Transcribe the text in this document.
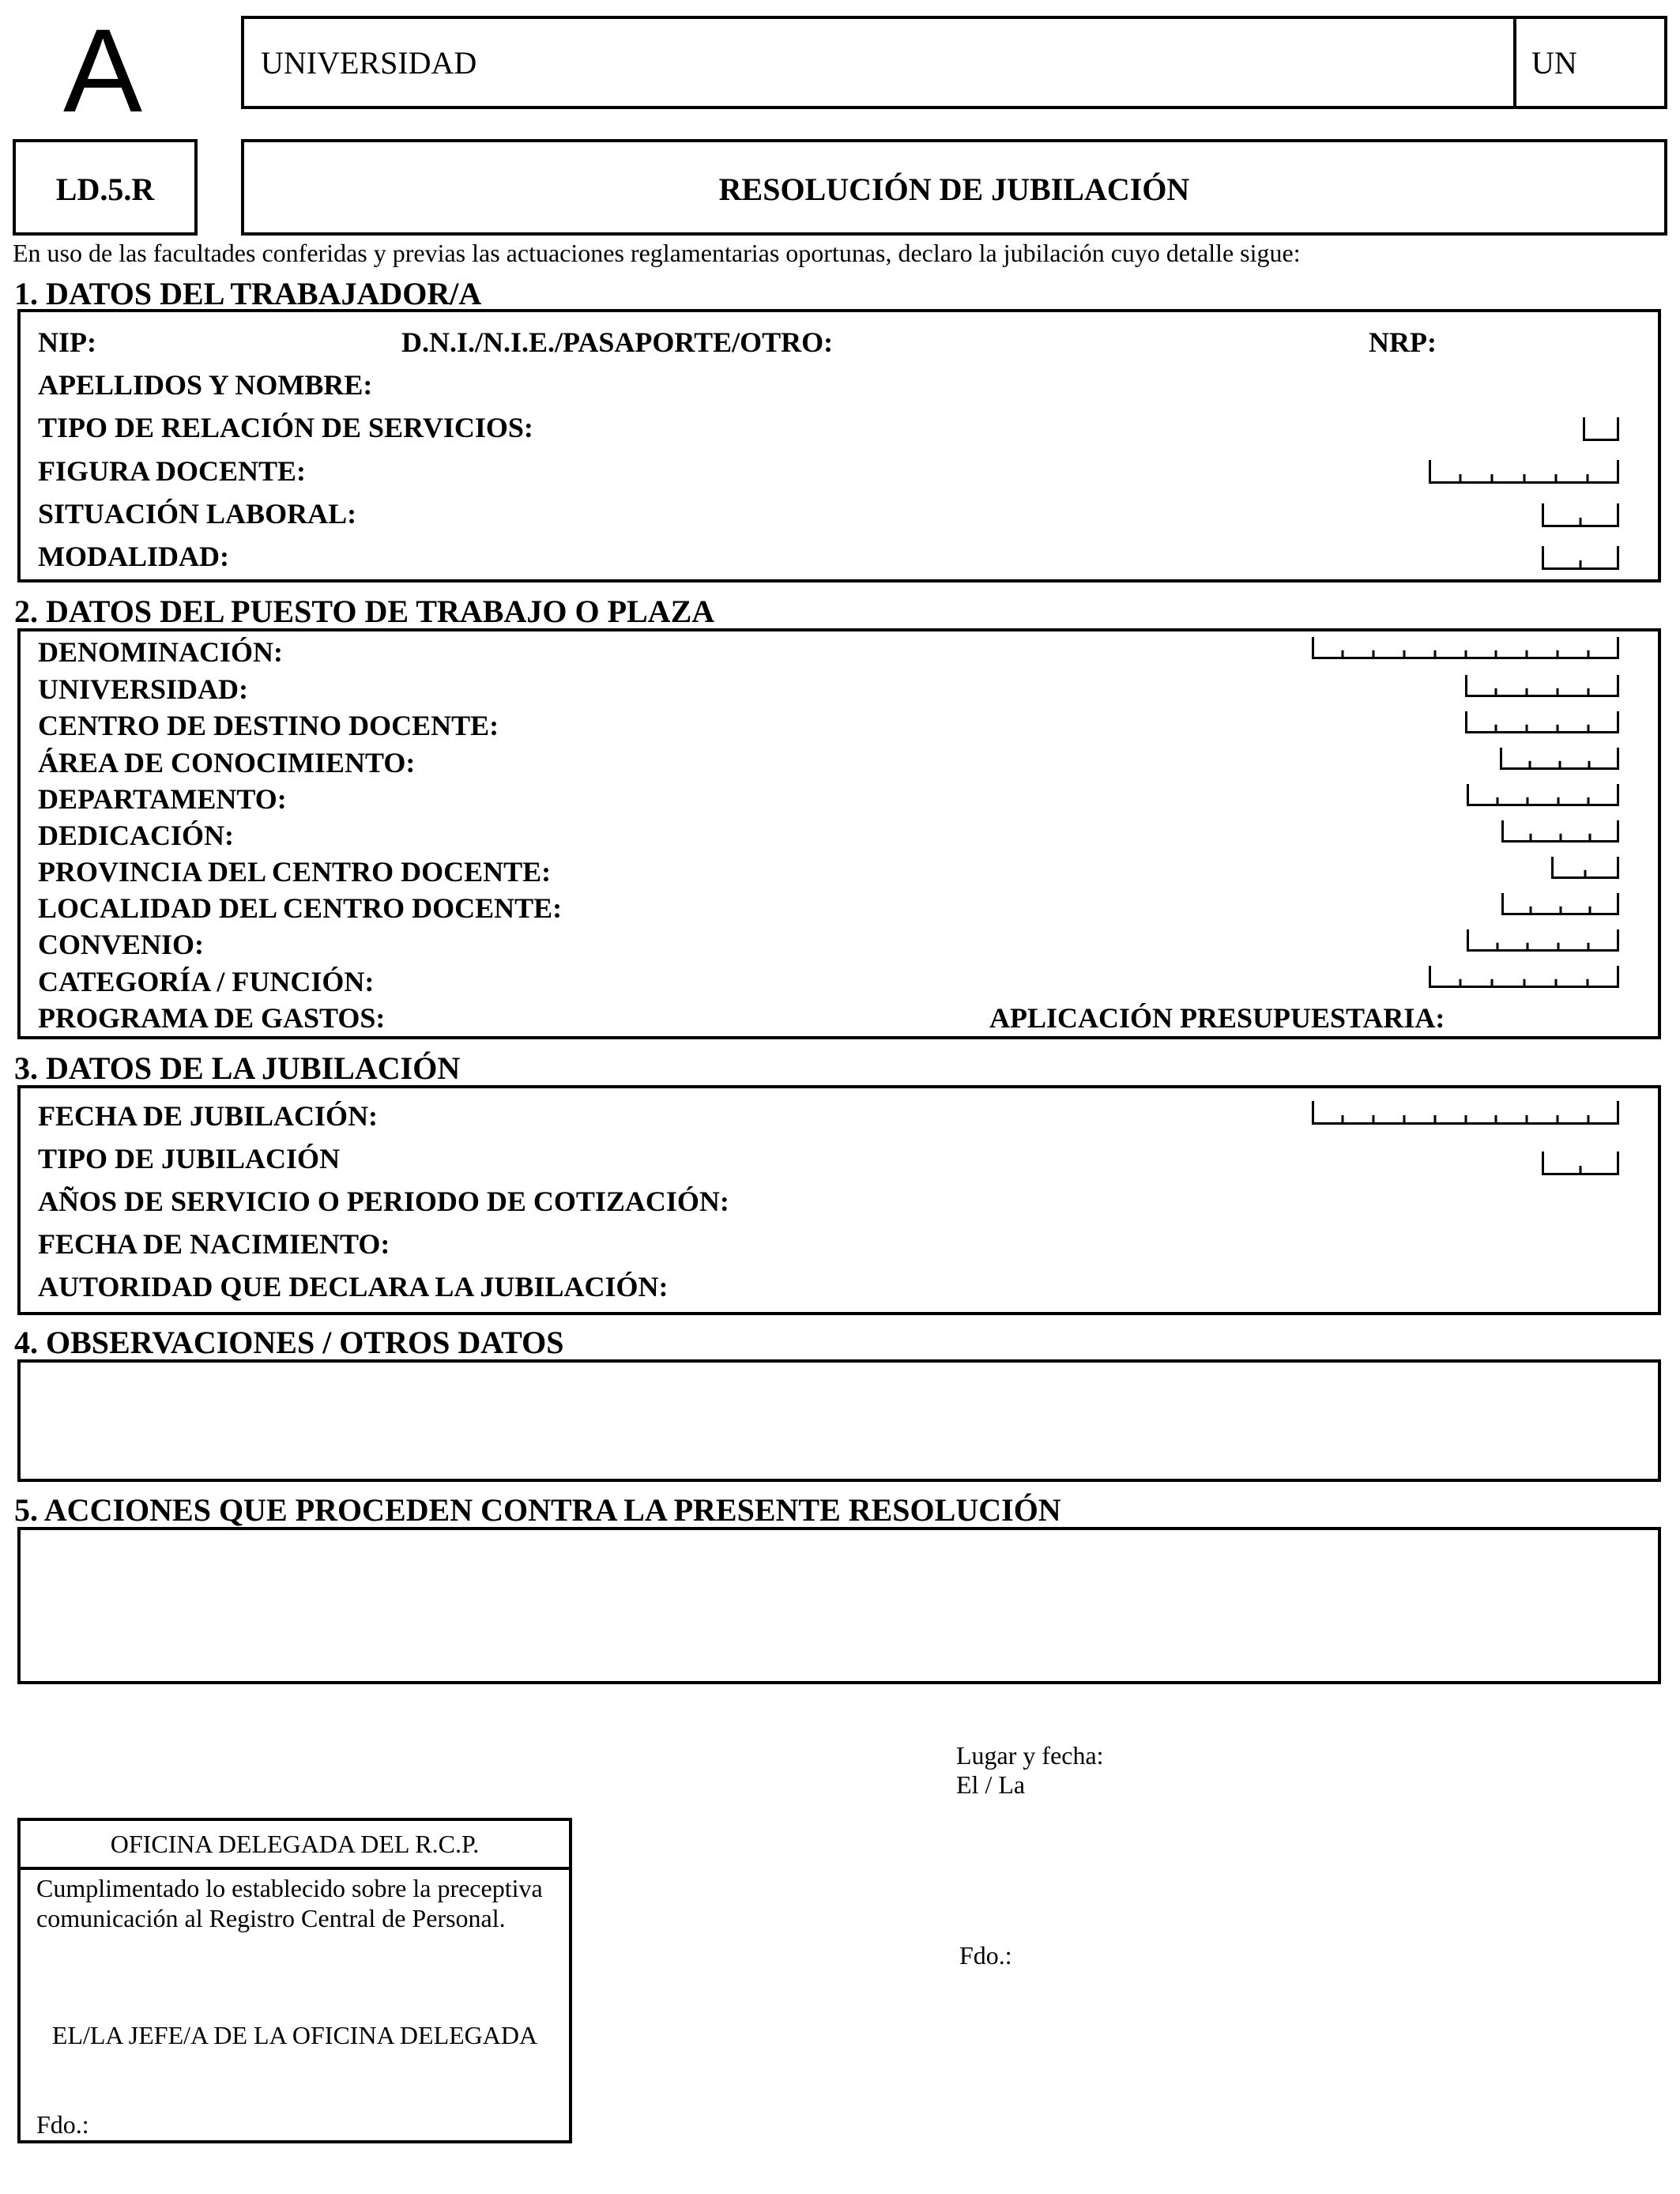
A	UNIVERSIDAD	UN
LD.5.R	RESOLUCIÓN DE JUBILACIÓN
En uso de las facultades conferidas y previas las actuaciones reglamentarias oportunas, declaro la jubilación cuyo detalle sigue:
1. DATOS DEL TRABAJADOR/A
NIP:	D.N.I./N.I.E./PASAPORTE/OTRO:	NRP:
APELLIDOS Y NOMBRE:
TIPO DE RELACIÓN DE SERVICIOS:
FIGURA DOCENTE:
SITUACIÓN LABORAL:
MODALIDAD:
2. DATOS DEL PUESTO DE TRABAJO O PLAZA
DENOMINACIÓN:
UNIVERSIDAD:
CENTRO DE DESTINO DOCENTE:
ÁREA DE CONOCIMIENTO:
DEPARTAMENTO:
DEDICACIÓN:
PROVINCIA DEL CENTRO DOCENTE:
LOCALIDAD DEL CENTRO DOCENTE:
CONVENIO:
CATEGORÍA / FUNCIÓN:
PROGRAMA DE GASTOS:	APLICACIÓN PRESUPUESTARIA:
3. DATOS DE LA JUBILACIÓN
FECHA DE JUBILACIÓN:
TIPO DE JUBILACIÓN
AÑOS DE SERVICIO O PERIODO DE COTIZACIÓN:
FECHA DE NACIMIENTO:
AUTORIDAD QUE DECLARA LA JUBILACIÓN:
4. OBSERVACIONES / OTROS DATOS
5. ACCIONES QUE PROCEDEN CONTRA LA PRESENTE RESOLUCIÓN
Lugar y fecha:
El / La
Fdo.:
OFICINA DELEGADA DEL R.C.P.
Cumplimentado lo establecido sobre la preceptiva comunicación al Registro Central de Personal.
EL/LA JEFE/A DE LA OFICINA DELEGADA
Fdo.:
